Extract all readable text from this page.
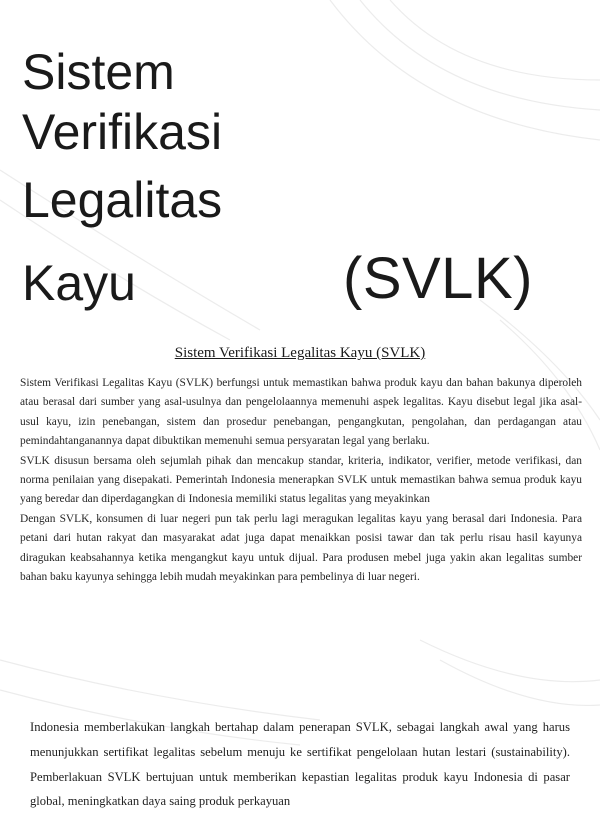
Sistem
Verifikasi
Legalitas
Kayu	(SVLK)
Sistem Verifikasi Legalitas Kayu (SVLK)

Sistem Verifikasi Legalitas Kayu (SVLK) berfungsi untuk memastikan bahwa produk kayu dan bahan bakunya diperoleh atau berasal dari sumber yang asal-usulnya dan pengelolaannya memenuhi aspek legalitas. Kayu disebut legal jika asal-usul kayu, izin penebangan, sistem dan prosedur penebangan, pengangkutan, pengolahan, dan perdagangan atau pemindahtanganannya dapat dibuktikan memenuhi semua persyaratan legal yang berlaku.

SVLK disusun bersama oleh sejumlah pihak dan mencakup standar, kriteria, indikator, verifier, metode verifikasi, dan norma penilaian yang disepakati. Pemerintah Indonesia menerapkan SVLK untuk memastikan bahwa semua produk kayu yang beredar dan diperdagangkan di Indonesia memiliki status legalitas yang meyakinkan

Dengan SVLK, konsumen di luar negeri pun tak perlu lagi meragukan legalitas kayu yang berasal dari Indonesia. Para petani dari hutan rakyat dan masyarakat adat juga dapat menaikkan posisi tawar dan tak perlu risau hasil kayunya diragukan keabsahannya ketika mengangkut kayu untuk dijual. Para produsen mebel juga yakin akan legalitas sumber bahan baku kayunya sehingga lebih mudah meyakinkan para pembelinya di luar negeri.

Indonesia memberlakukan langkah bertahap dalam penerapan SVLK, sebagai langkah awal yang harus menunjukkan sertifikat legalitas sebelum menuju ke sertifikat pengelolaan hutan lestari (sustainability). Pemberlakuan SVLK bertujuan untuk memberikan kepastian legalitas produk kayu Indonesia di pasar global, meningkatkan daya saing produk perkayuan
